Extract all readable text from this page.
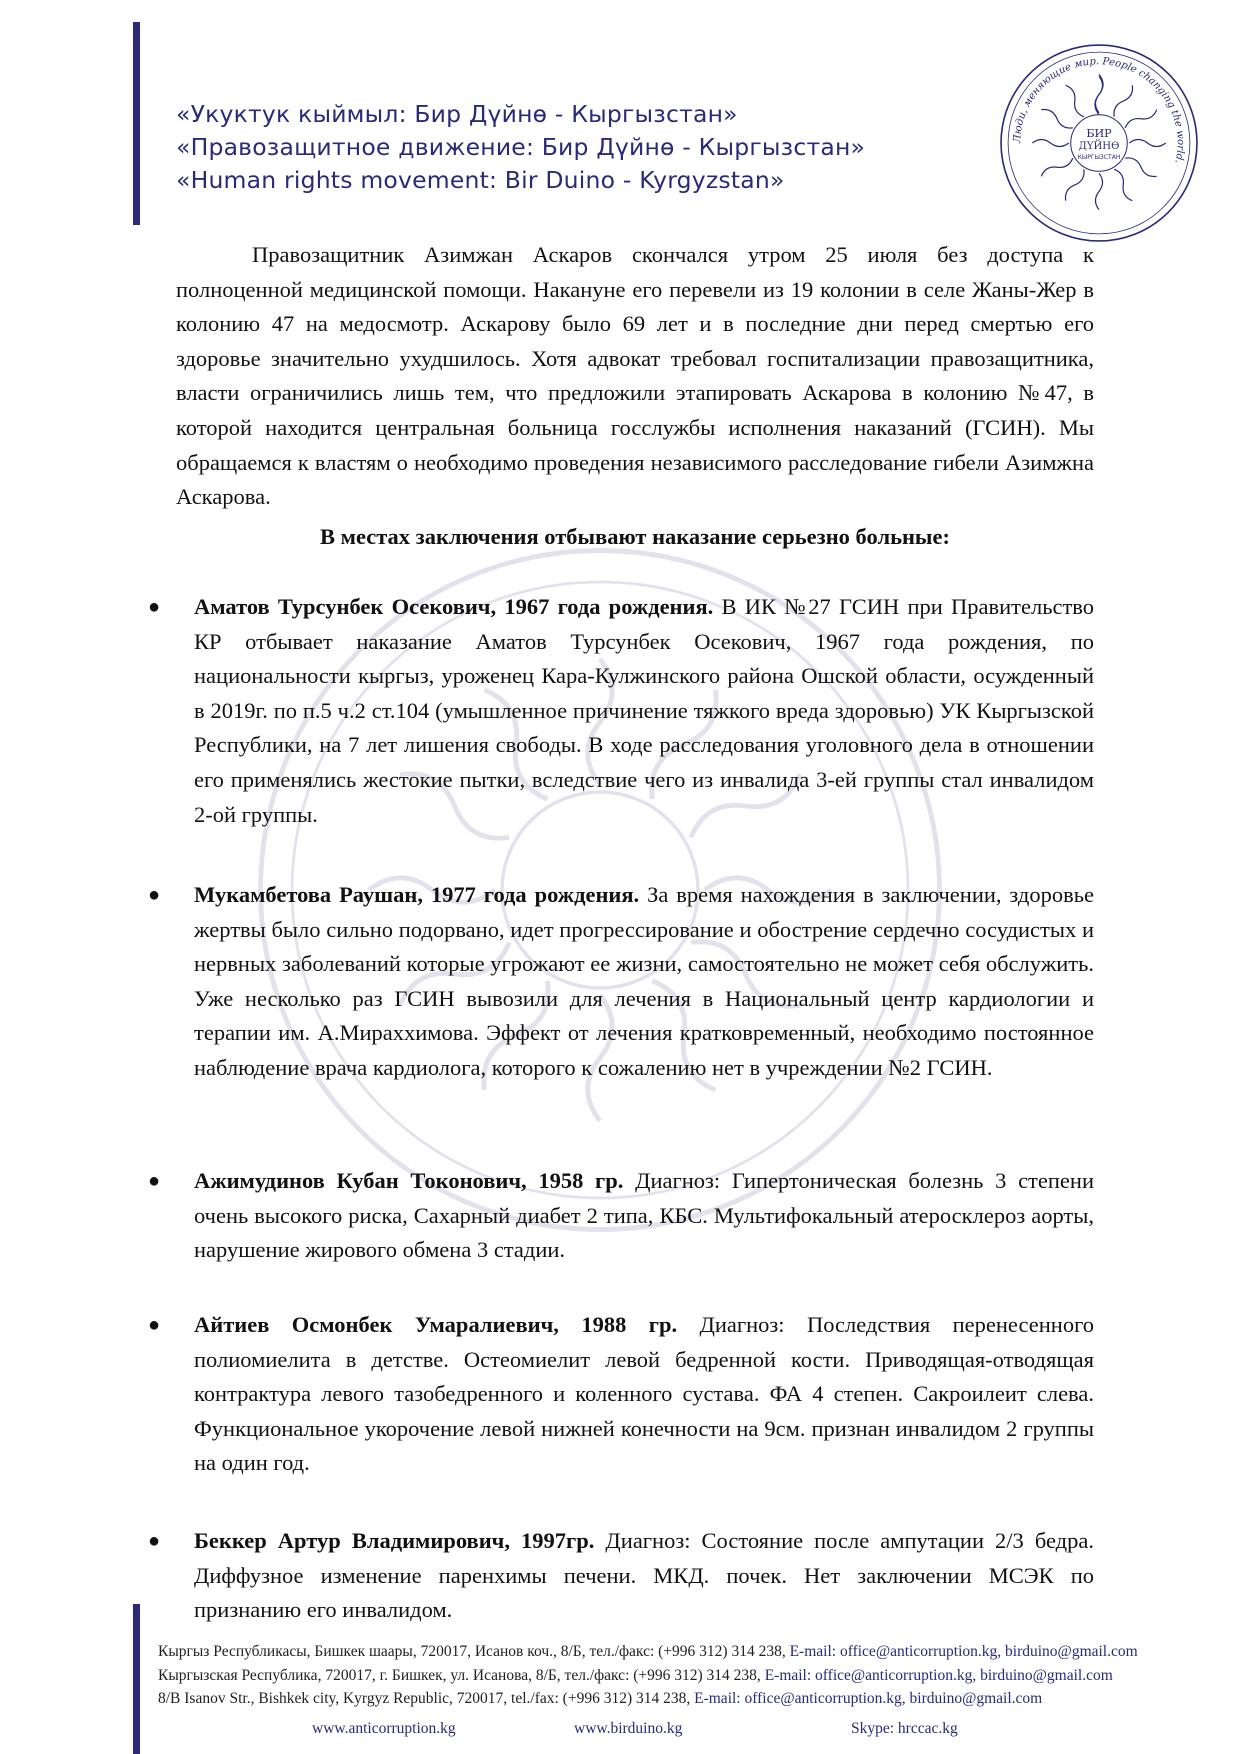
«Укуктук кыймыл: Бир Дүйнө - Кыргызстан»
«Правозащитное движение: Бир Дүйнө - Кыргызстан»
«Human rights movement: Bir Duino - Kyrgyzstan»
Люди, меняющие мир. People changing the world.
БИР
ДҮЙНӨ
КЫРГЫЗСТАН

Правозащитник Азимжан Аскаров скончался утром 25 июля без доступа к полноценной медицинской помощи. Накануне его перевели из 19 колонии в селе Жаны-Жер в колонию 47 на медосмотр. Аскарову было 69 лет и в последние дни перед смертью его здоровье значительно ухудшилось. Хотя адвокат требовал госпитализации правозащитника, власти ограничились лишь тем, что предложили этапировать Аскарова в колонию №47, в которой находится центральная больница госслужбы исполнения наказаний (ГСИН). Мы обращаемся к властям о необходимо проведения независимого расследование гибели Азимжна Аскарова.

В местах заключения отбывают наказание серьезно больные:

● Аматов Турсунбек Осекович, 1967 года рождения. В ИК №27 ГСИН при Правительство КР отбывает наказание Аматов Турсунбек Осекович, 1967 года рождения, по национальности кыргыз, уроженец Кара-Кулжинского района Ошской области, осужденный в 2019г. по п.5 ч.2 ст.104 (умышленное причинение тяжкого вреда здоровью) УК Кыргызской Республики, на 7 лет лишения свободы. В ходе расследования уголовного дела в отношении его применялись жестокие пытки, вследствие чего из инвалида 3-ей группы стал инвалидом 2-ой группы.

● Мукамбетова Раушан, 1977 года рождения. За время нахождения в заключении, здоровье жертвы было сильно подорвано, идет прогрессирование и обострение сердечно сосудистых и нервных заболеваний которые угрожают ее жизни, самостоятельно не может себя обслужить. Уже несколько раз ГСИН вывозили для лечения в Национальный центр кардиологии и терапии им. А.Мирахxимова. Эффект от лечения кратковременный, необходимо постоянное наблюдение врача кардиолога, которого к сожалению нет в учреждении №2 ГСИН.

● Ажимудинов Кубан Токонович, 1958 гр. Диагноз: Гипертоническая болезнь 3 степени очень высокого риска, Сахарный диабет 2 типа, КБС. Мультифокальный атеросклероз аорты, нарушение жирового обмена 3 стадии.

● Айтиев Осмонбек Умаралиевич, 1988 гр. Диагноз: Последствия перенесенного полиомиелита в детстве. Остеомиелит левой бедренной кости. Приводящая-отводящая контрактура левого тазобедренного и коленного сустава. ФА 4 степен. Сакроилеит слева. Функциональное укорочение левой нижней конечности на 9см. признан инвалидом 2 группы на один год.

● Беккер Артур Владимирович, 1997гр. Диагноз: Состояние после ампутации 2/3 бедра. Диффузное изменение паренхимы печени. МКД. почек. Нет заключении МСЭК по признанию его инвалидом.

Кыргыз Республикасы, Бишкек шаары, 720017, Исанов коч., 8/Б, тел./факс: (+996 312) 314 238, E-mail: office@anticorruption.kg, birduino@gmail.com
Кыргызская Республика, 720017, г. Бишкек, ул. Исанова, 8/Б, тел./факс: (+996 312) 314 238, E-mail: office@anticorruption.kg, birduino@gmail.com
8/B Isanov Str., Bishkek city, Kyrgyz Republic, 720017, tel./fax: (+996 312) 314 238, E-mail: office@anticorruption.kg, birduino@gmail.com
www.anticorruption.kg	www.birduino.kg	Skype: hrccac.kg
